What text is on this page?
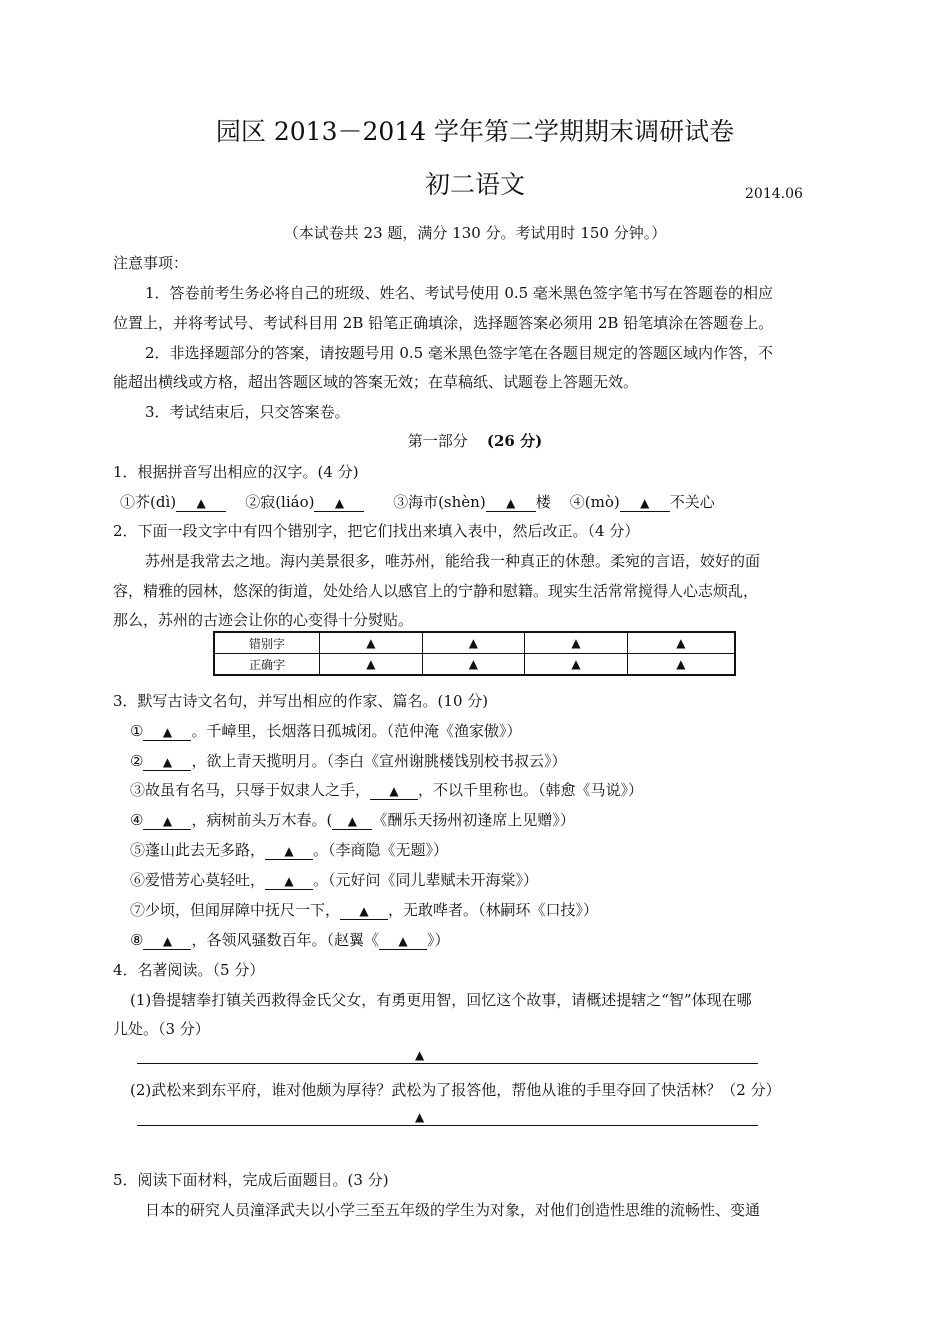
园区 2013－2014 学年第二学期期末调研试卷
初二语文	2014.06
（本试卷共 23 题，满分 130 分。考试用时 150 分钟。）
注意事项：
1．答卷前考生务必将自己的班级、姓名、考试号使用 0.5 毫米黑色签字笔书写在答题卷的相应
位置上，并将考试号、考试科目用 2B 铅笔正确填涂，选择题答案必须用 2B 铅笔填涂在答题卷上。
2．非选择题部分的答案，请按题号用 0.5 毫米黑色签字笔在各题目规定的答题区域内作答，不
能超出横线或方格，超出答题区域的答案无效；在草稿纸、试题卷上答题无效。
3．考试结束后，只交答案卷。
第一部分 (26 分)
1．根据拼音写出相应的汉字。(4 分)
①芥(dì) ▲	②寂(liáo) ▲	③海市(shèn) ▲ 楼 ④(mò) ▲ 不关心
2．下面一段文字中有四个错别字，把它们找出来填入表中，然后改正。（4 分）
苏州是我常去之地。海内美景很多，唯苏州，能给我一种真正的休憩。柔宛的言语，姣好的面
容，精雅的园林，悠深的街道，处处给人以感官上的宁静和慰籍。现实生活常常搅得人心志烦乱，
那么，苏州的古迹会让你的心变得十分熨贴。
错别字	▲	▲	▲	▲
正确字	▲	▲	▲	▲
3．默写古诗文名句，并写出相应的作家、篇名。(10 分)
① ▲ 。千嶂里，长烟落日孤城闭。（范仲淹《渔家傲》）
② ▲ ，欲上青天揽明月。（李白《宣州谢朓楼饯别校书叔云》）
③故虽有名马，只辱于奴隶人之手， ▲ ，不以千里称也。（韩愈《马说》）
④ ▲ ，病树前头万木春。( ▲ 《酬乐天扬州初逢席上见赠》）
⑤蓬山此去无多路， ▲ 。（李商隐《无题》）
⑥爱惜芳心莫轻吐， ▲ 。（元好问《同儿辈赋未开海棠》）
⑦少顷，但闻屏障中抚尺一下， ▲ ，无敢哗者。（林嗣环《口技》）
⑧ ▲ ，各领风骚数百年。（赵翼《 ▲ 》）
4．名著阅读。（5 分）
(1)鲁提辖拳打镇关西救得金氏父女，有勇更用智，回忆这个故事，请概述提辖之“智”体现在哪
儿处。（3 分）
▲
(2)武松来到东平府，谁对他颇为厚待？武松为了报答他，帮他从谁的手里夺回了快活林？（2 分）
▲
5．阅读下面材料，完成后面题目。(3 分)
日本的研究人员潼泽武夫以小学三至五年级的学生为对象，对他们创造性思维的流畅性、变通
